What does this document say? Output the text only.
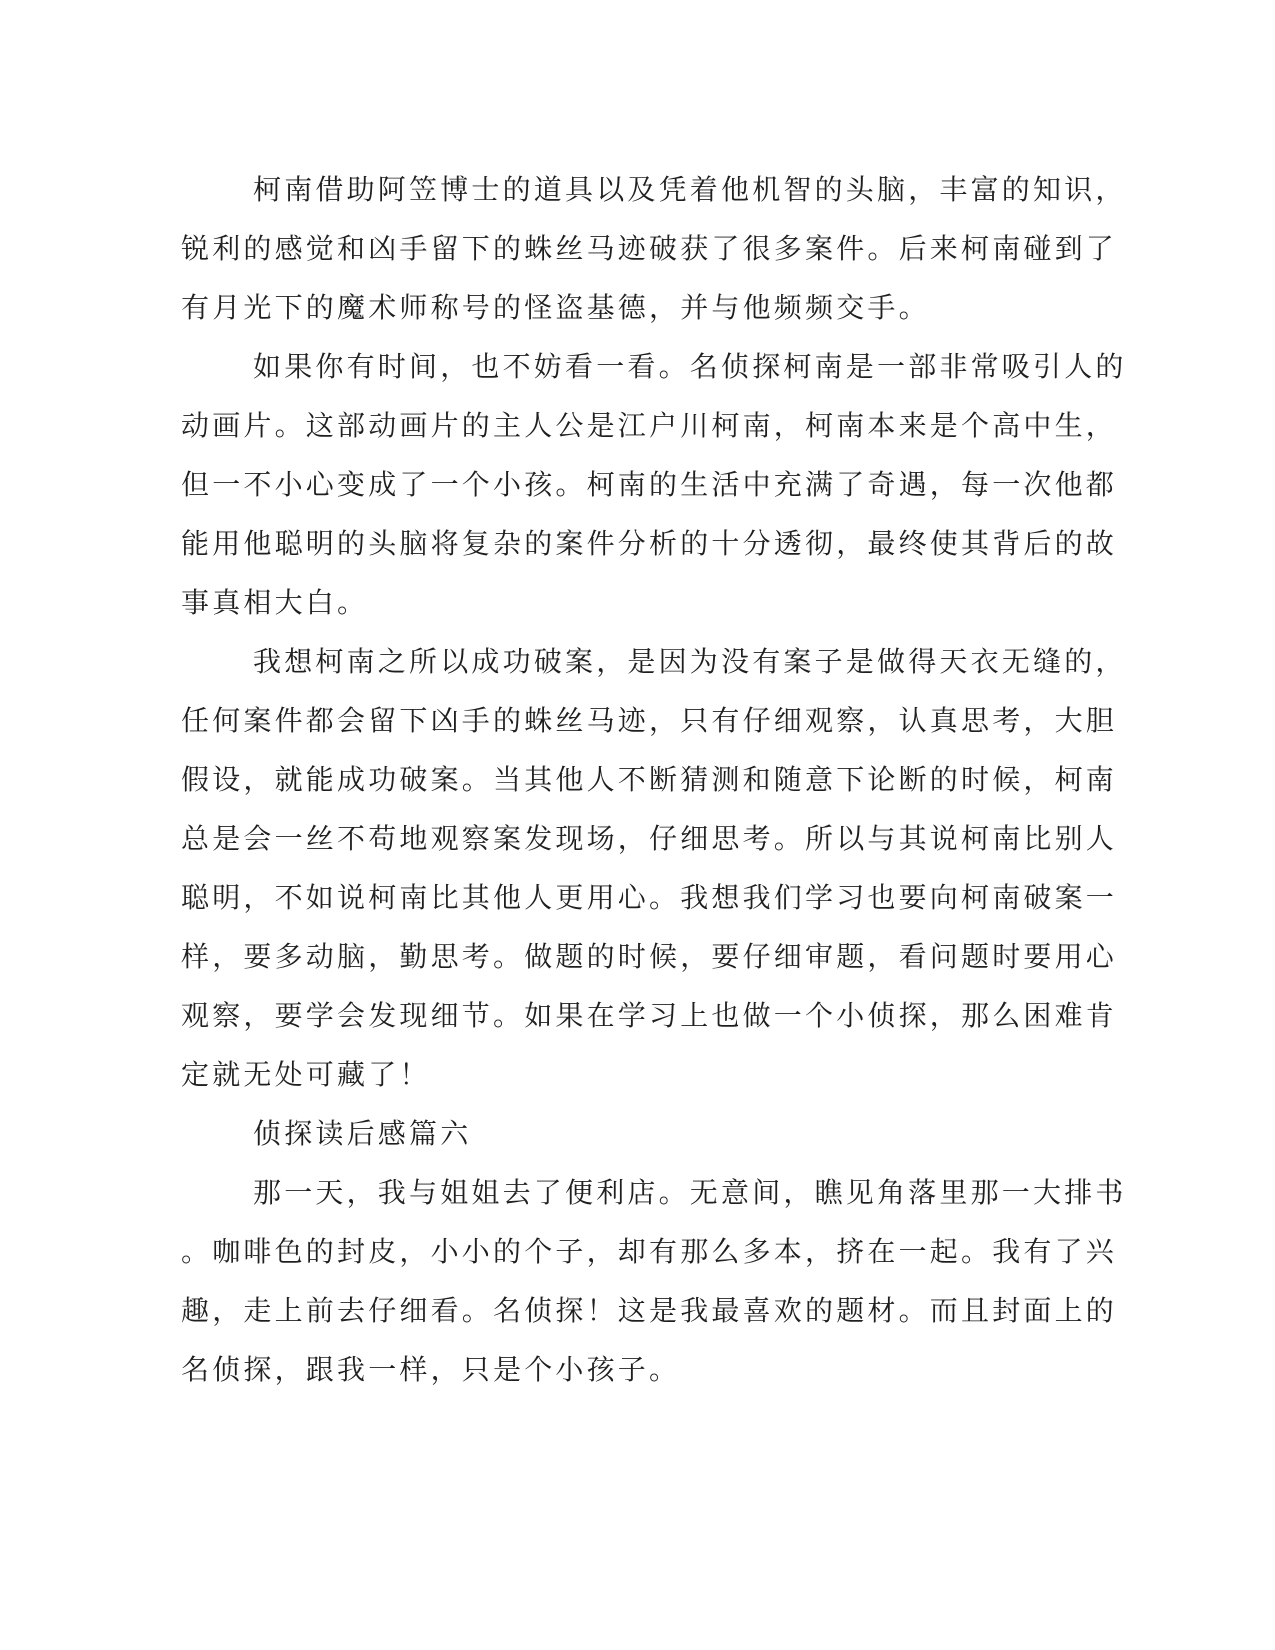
柯南借助阿笠博士的道具以及凭着他机智的头脑，丰富的知识，
锐利的感觉和凶手留下的蛛丝马迹破获了很多案件。后来柯南碰到了
有月光下的魔术师称号的怪盗基德，并与他频频交手。
如果你有时间，也不妨看一看。名侦探柯南是一部非常吸引人的
动画片。这部动画片的主人公是江户川柯南，柯南本来是个高中生，
但一不小心变成了一个小孩。柯南的生活中充满了奇遇，每一次他都
能用他聪明的头脑将复杂的案件分析的十分透彻，最终使其背后的故
事真相大白。
我想柯南之所以成功破案，是因为没有案子是做得天衣无缝的，
任何案件都会留下凶手的蛛丝马迹，只有仔细观察，认真思考，大胆
假设，就能成功破案。当其他人不断猜测和随意下论断的时候，柯南
总是会一丝不苟地观察案发现场，仔细思考。所以与其说柯南比别人
聪明，不如说柯南比其他人更用心。我想我们学习也要向柯南破案一
样，要多动脑，勤思考。做题的时候，要仔细审题，看问题时要用心
观察，要学会发现细节。如果在学习上也做一个小侦探，那么困难肯
定就无处可藏了！
侦探读后感篇六
那一天，我与姐姐去了便利店。无意间，瞧见角落里那一大排书
。咖啡色的封皮，小小的个子，却有那么多本，挤在一起。我有了兴
趣，走上前去仔细看。名侦探！这是我最喜欢的题材。而且封面上的
名侦探，跟我一样，只是个小孩子。
